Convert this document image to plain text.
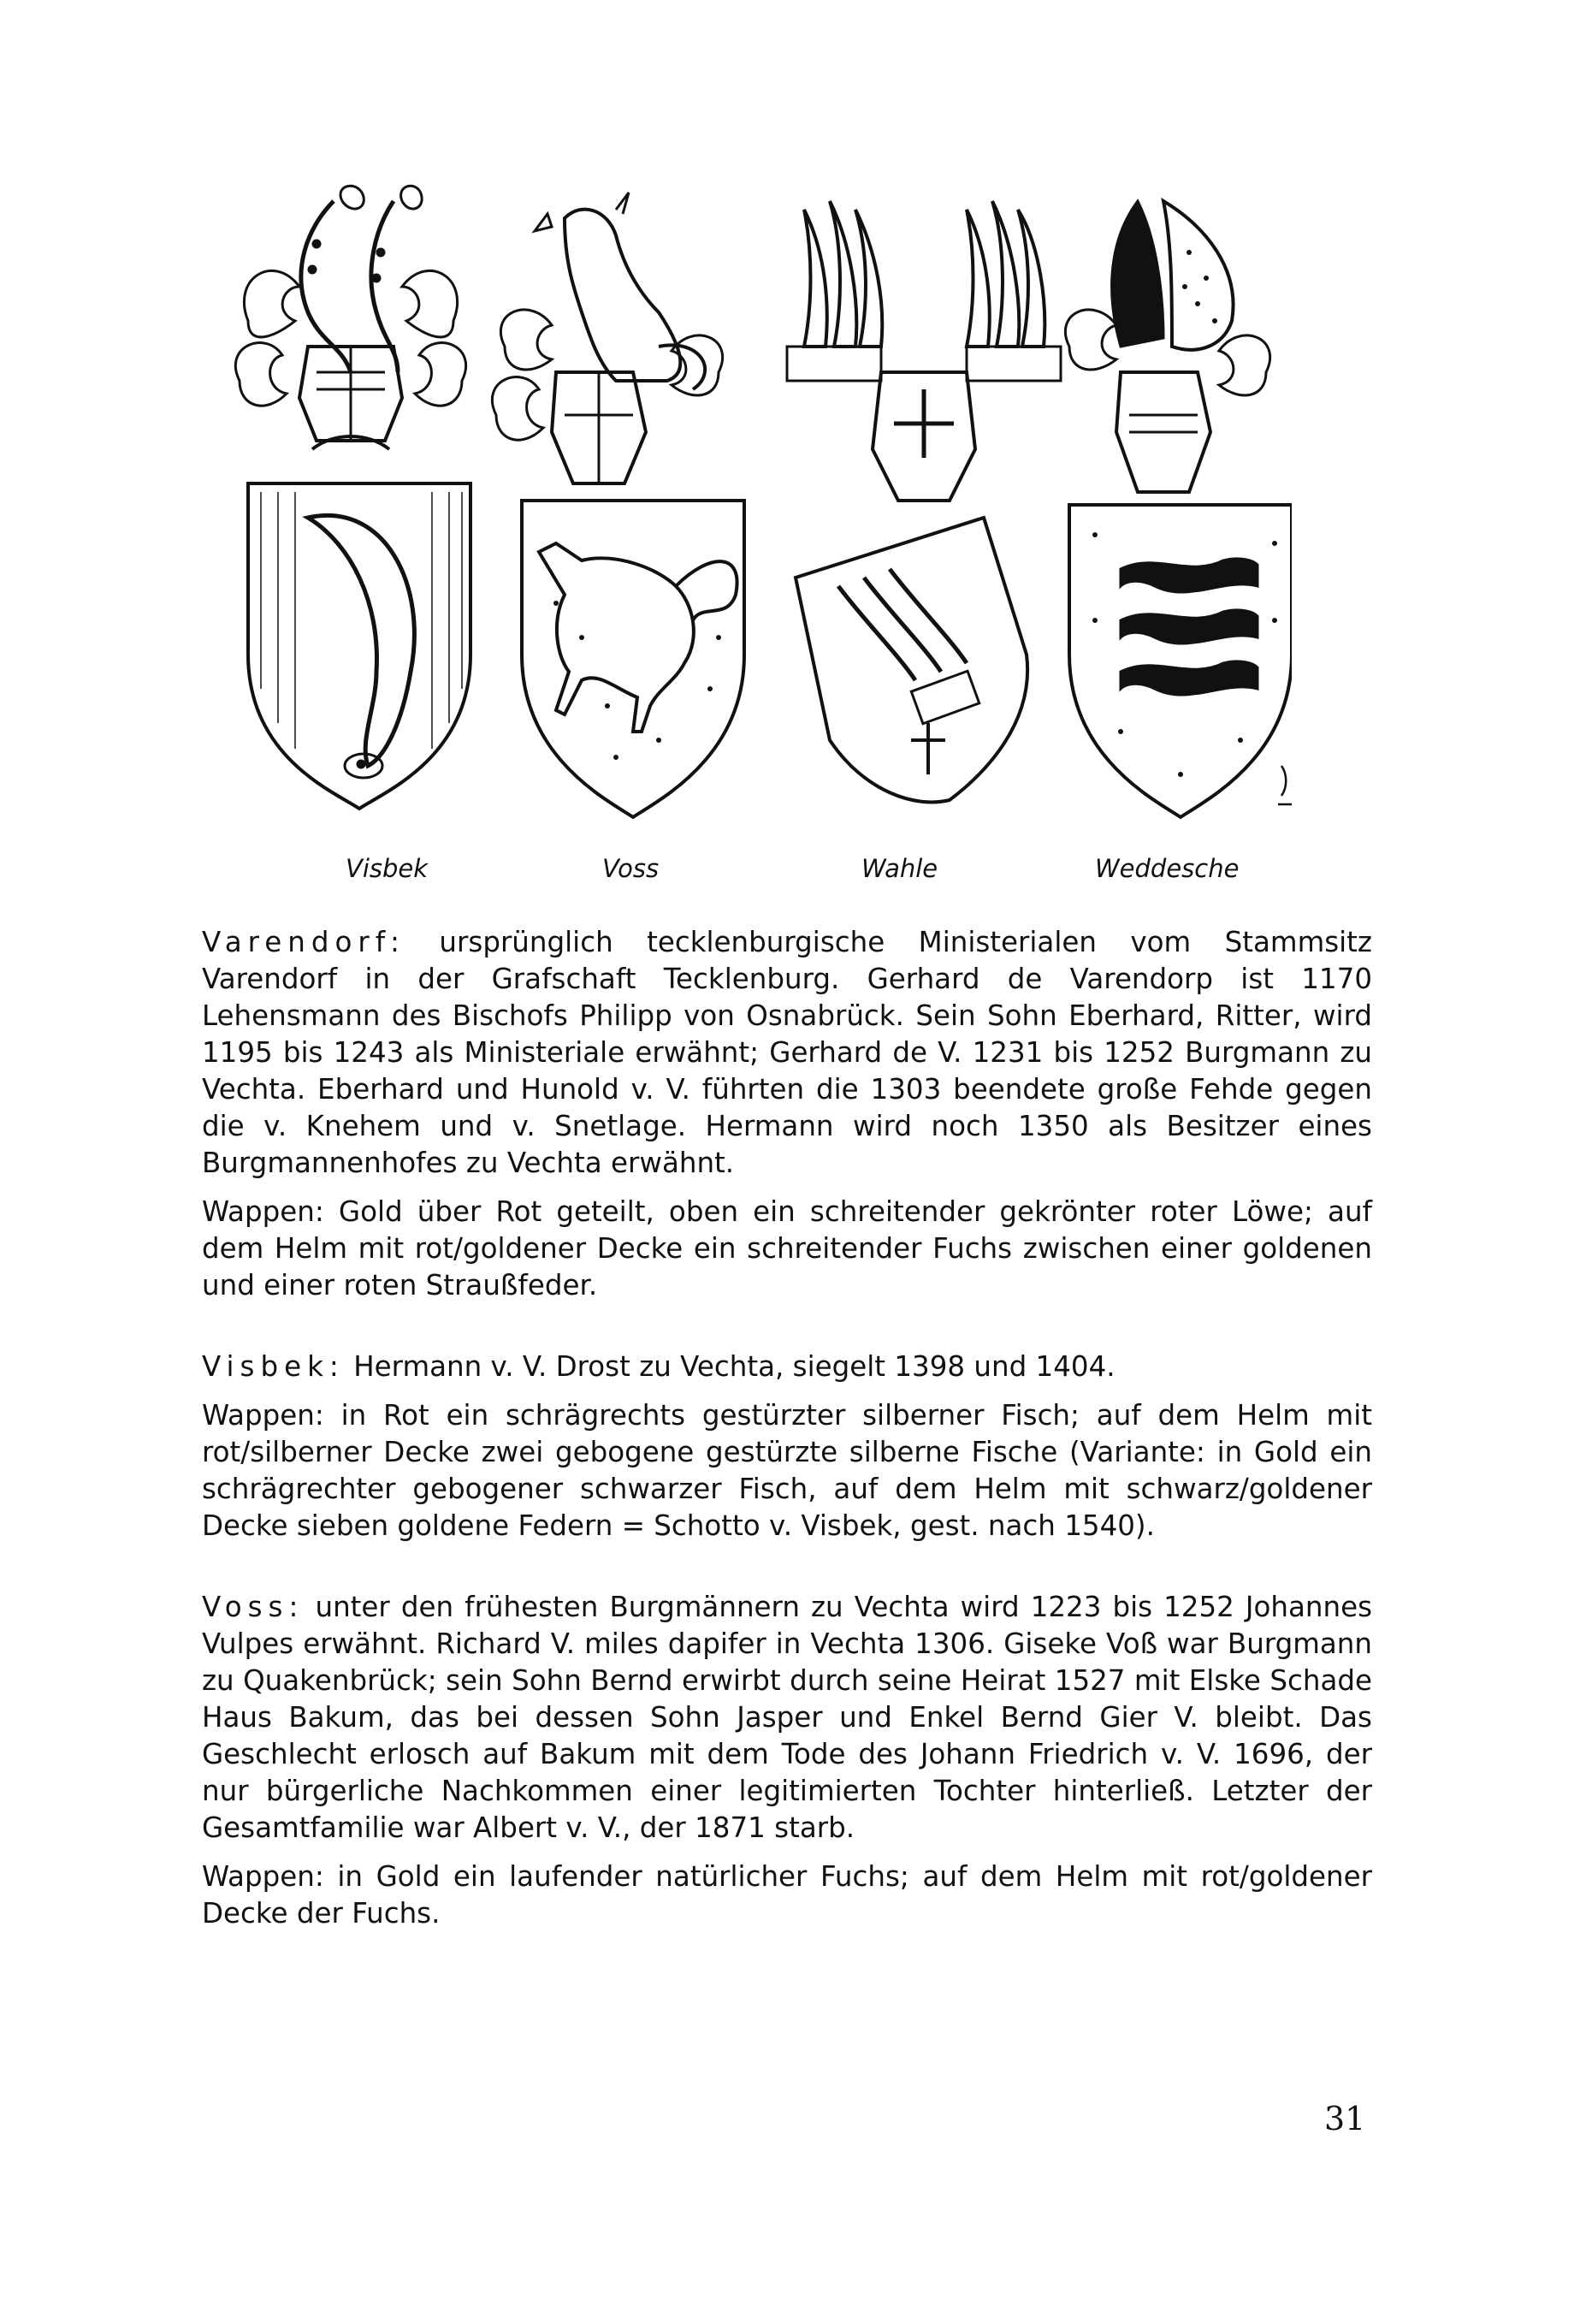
Visbek	Voss	Wahle	Weddesche

Varendorf: ursprünglich tecklenburgische Ministerialen vom Stammsitz Varendorf in der Grafschaft Tecklenburg. Gerhard de Varendorp ist 1170 Lehensmann des Bischofs Philipp von Osnabrück. Sein Sohn Eberhard, Ritter, wird 1195 bis 1243 als Ministeriale erwähnt; Gerhard de V. 1231 bis 1252 Burgmann zu Vechta. Eberhard und Hunold v. V. führten die 1303 beendete große Fehde gegen die v. Knehem und v. Snetlage. Hermann wird noch 1350 als Besitzer eines Burgmannenhofes zu Vechta erwähnt.

Wappen: Gold über Rot geteilt, oben ein schreitender gekrönter roter Löwe; auf dem Helm mit rot/goldener Decke ein schreitender Fuchs zwischen einer goldenen und einer roten Straußfeder.

Visbek: Hermann v. V. Drost zu Vechta, siegelt 1398 und 1404.

Wappen: in Rot ein schrägrechts gestürzter silberner Fisch; auf dem Helm mit rot/silberner Decke zwei gebogene gestürzte silberne Fische (Variante: in Gold ein schrägrechter gebogener schwarzer Fisch, auf dem Helm mit schwarz/goldener Decke sieben goldene Federn = Schotto v. Visbek, gest. nach 1540).

Voss: unter den frühesten Burgmännern zu Vechta wird 1223 bis 1252 Johannes Vulpes erwähnt. Richard V. miles dapifer in Vechta 1306. Giseke Voß war Burgmann zu Quakenbrück; sein Sohn Bernd erwirbt durch seine Heirat 1527 mit Elske Schade Haus Bakum, das bei dessen Sohn Jasper und Enkel Bernd Gier V. bleibt. Das Geschlecht erlosch auf Bakum mit dem Tode des Johann Friedrich v. V. 1696, der nur bürgerliche Nachkommen einer legitimierten Tochter hinterließ. Letzter der Gesamtfamilie war Albert v. V., der 1871 starb.

Wappen: in Gold ein laufender natürlicher Fuchs; auf dem Helm mit rot/goldener Decke der Fuchs.

31
